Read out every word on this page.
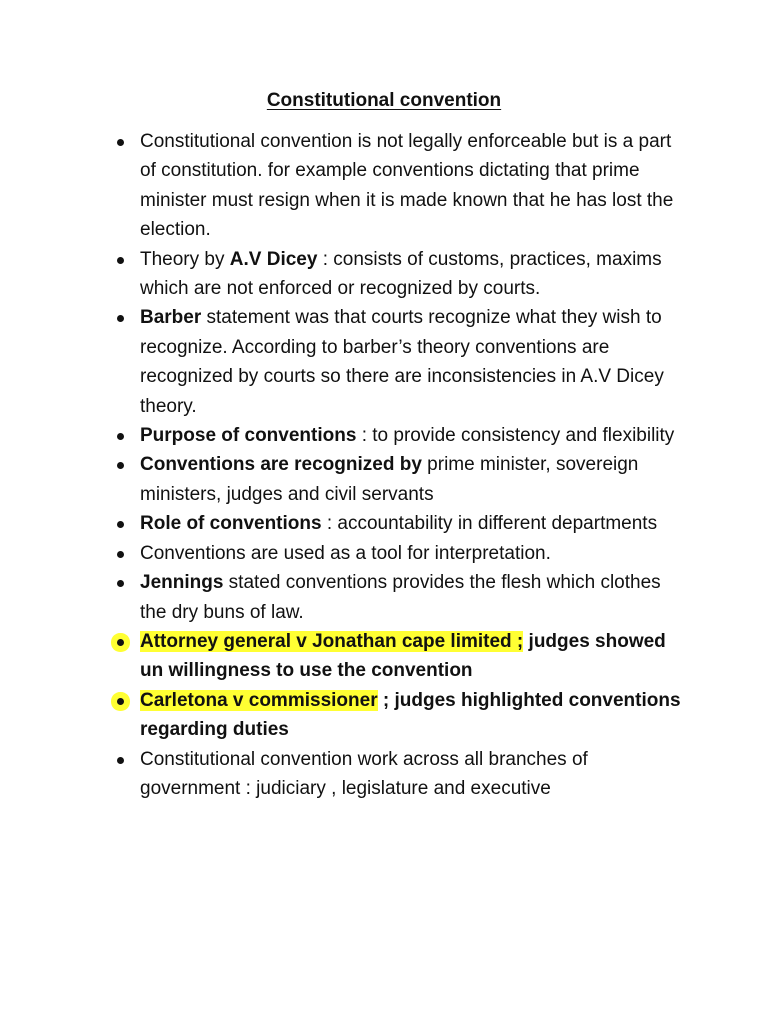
Constitutional convention
Constitutional convention is not legally enforceable but is a part of constitution. for example conventions dictating that prime minister must resign when it is made known that he has lost the election.
Theory by A.V Dicey : consists of customs, practices, maxims which are not enforced or recognized by courts.
Barber statement was that courts recognize what they wish to recognize. According to barber’s theory conventions are recognized by courts so there are inconsistencies in A.V Dicey theory.
Purpose of conventions : to provide consistency and flexibility
Conventions are recognized by prime minister, sovereign ministers, judges and civil servants
Role of conventions : accountability in different departments
Conventions are used as a tool for interpretation.
Jennings stated conventions provides the flesh which clothes the dry buns of law.
Attorney general v Jonathan cape limited ; judges showed un willingness to use the convention
Carletona v commissioner ; judges highlighted conventions regarding duties
Constitutional convention work across all branches of government : judiciary , legislature and executive
